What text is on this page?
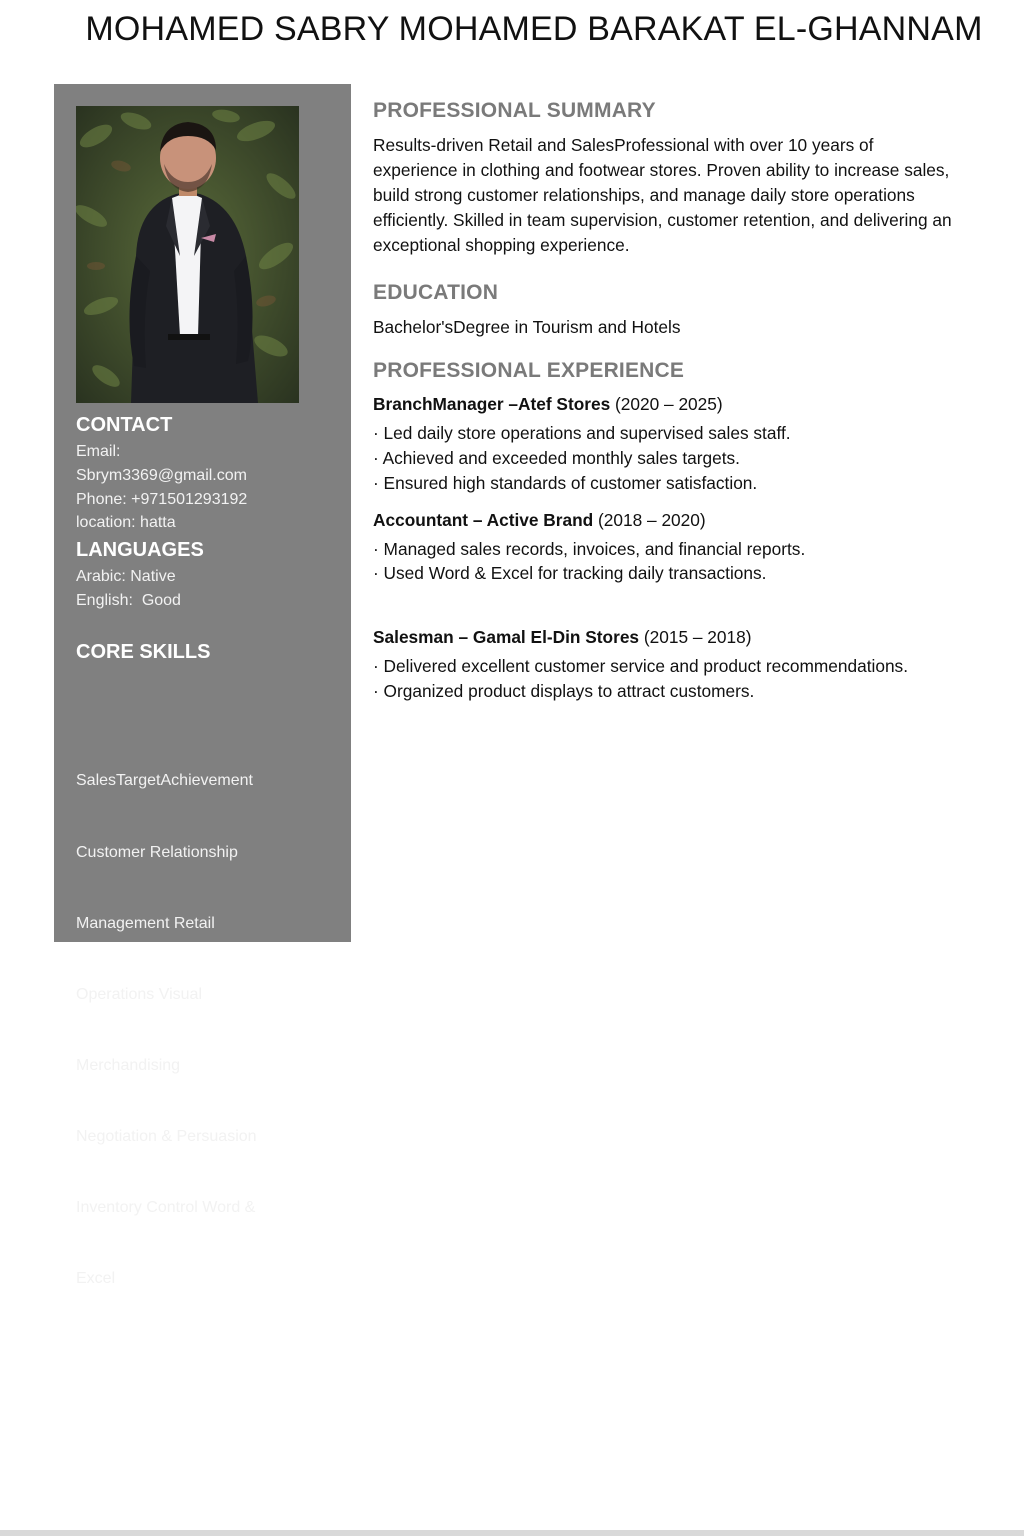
MOHAMED SABRY MOHAMED BARAKAT EL-GHANNAM
CONTACT
Email:
Sbrym3369@gmail.com
Phone: +971501293192
location: hatta
LANGUAGES
Arabic: Native
English:  Good
CORE SKILLS

SalesTargetAchievement

Customer Relationship

Management Retail

Operations Visual

Merchandising

Negotiation & Persuasion

Inventory Control Word &

Excel

PROFESSIONAL SUMMARY
Results-driven Retail and SalesProfessional with over 10 years of
experience in clothing and footwear stores. Proven ability to increase sales,
build strong customer relationships, and manage daily store operations
efficiently. Skilled in team supervision, customer retention, and delivering an
exceptional shopping experience.
EDUCATION
Bachelor'sDegree in Tourism and Hotels
PROFESSIONAL EXPERIENCE
BranchManager –Atef Stores (2020 – 2025)
· Led daily store operations and supervised sales staff.
· Achieved and exceeded monthly sales targets.
· Ensured high standards of customer satisfaction.
Accountant – Active Brand (2018 – 2020)
· Managed sales records, invoices, and financial reports.
· Used Word & Excel for tracking daily transactions.
Salesman – Gamal El-Din Stores (2015 – 2018)
· Delivered excellent customer service and product recommendations.
· Organized product displays to attract customers.
